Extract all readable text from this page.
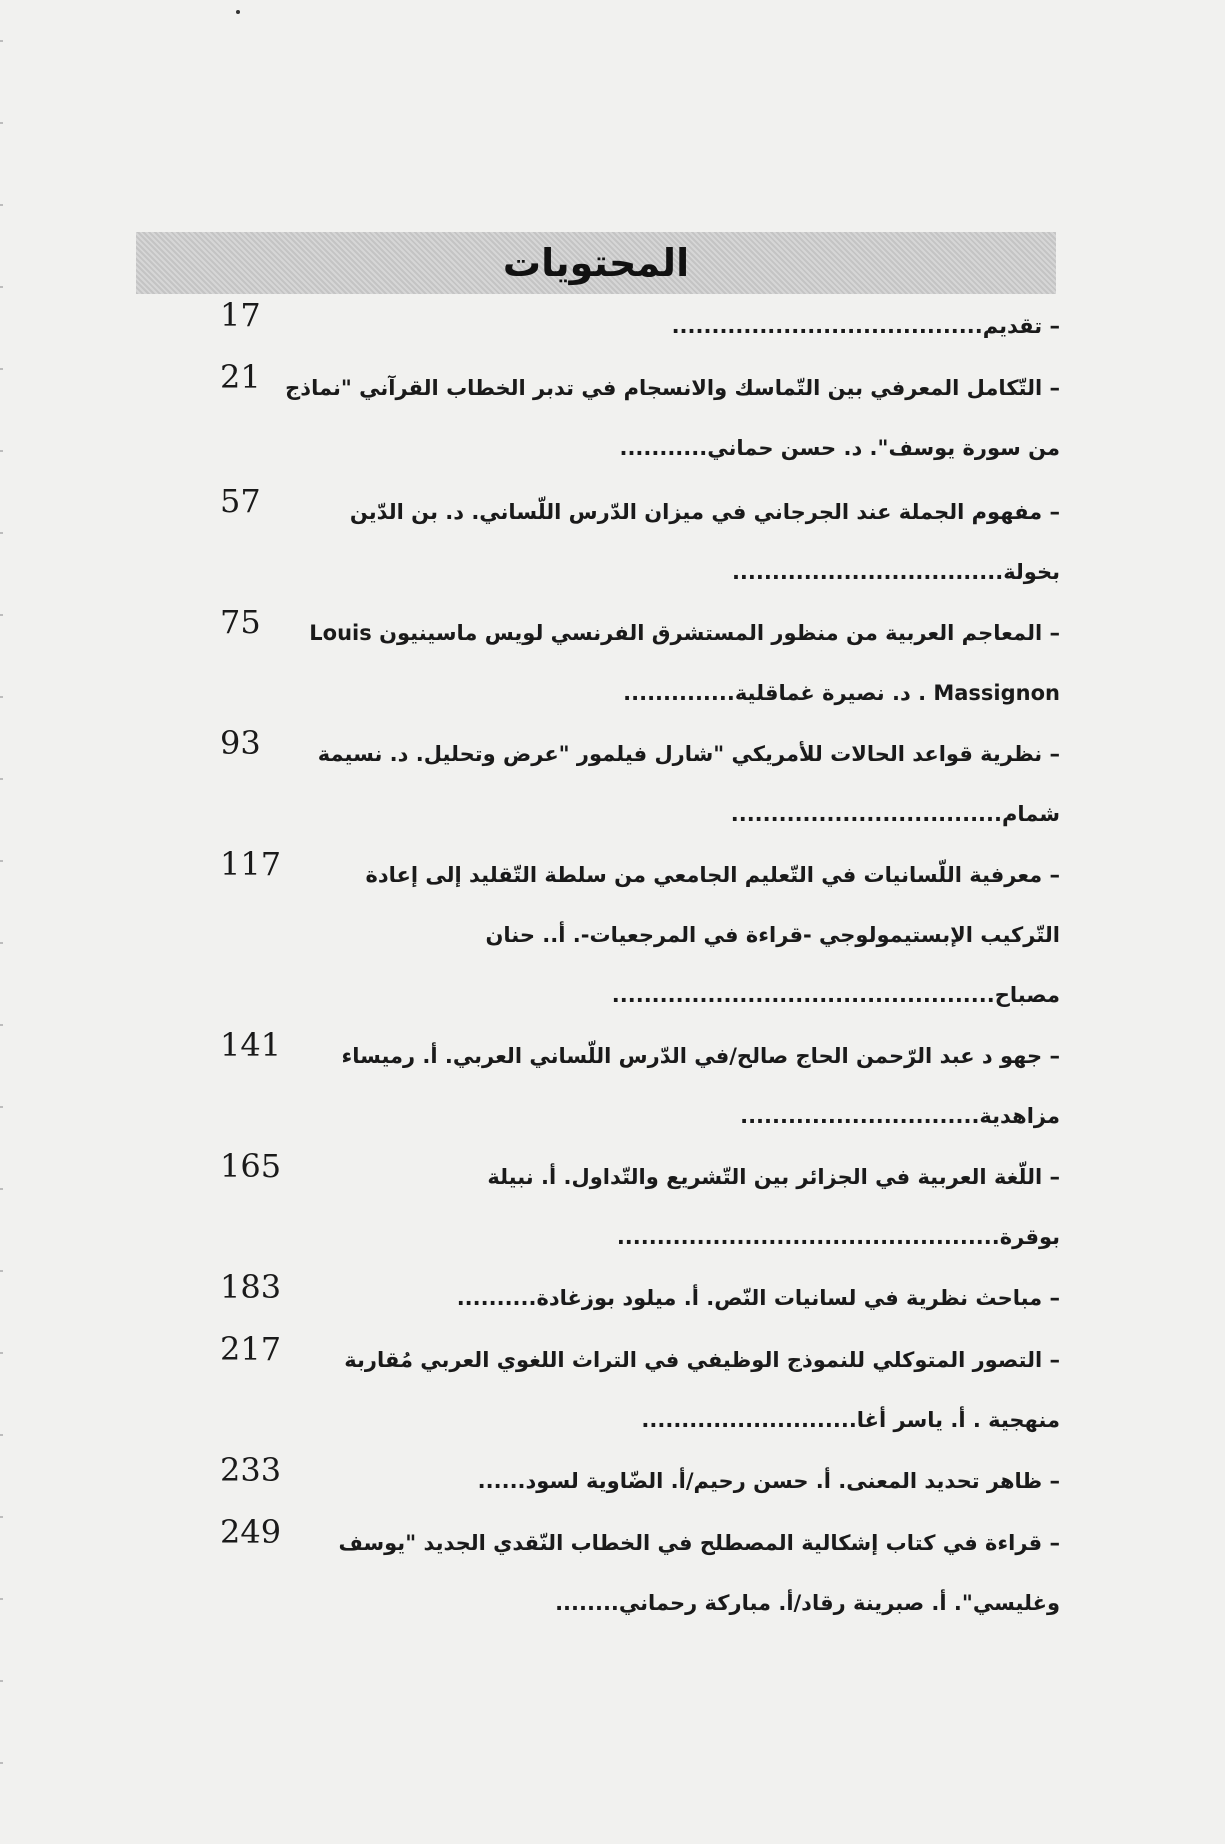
المحتويات
17	– تقديم.......................................
21 – التّكامل المعرفي بين التّماسك والانسجام في تدبر الخطاب القرآني "نماذج من سورة يوسف". د. حسن حماني...........
57	– مفهوم الجملة عند الجرجاني في ميزان الدّرس اللّساني. د. بن الدّين بخولة..................................
75	– المعاجم العربية من منظور المستشرق الفرنسي لويس ماسينيون Louis Massignon . د. نصيرة غماقلية..............
93	– نظرية قواعد الحالات للأمريكي "شارل فيلمور "عرض وتحليل. د. نسيمة شمام..................................
117	– معرفية اللّسانيات في التّعليم الجامعي من سلطة التّقليد إلى إعادة التّركيب الإبستيمولوجي -قراءة في المرجعيات-. أ.. حنان مصباح................................................
141	– جهو د عبد الرّحمن الحاج صالح/في الدّرس اللّساني العربي. أ. رميساء مزاهدية..............................
165	– اللّغة العربية في الجزائر بين التّشريع والتّداول. أ. نبيلة بوقرة................................................
183	– مباحث نظرية في لسانيات النّص. أ. ميلود بوزغادة..........
217	– التصور المتوكلي للنموذج الوظيفي في التراث اللغوي العربي مُقاربة منهجية . أ. ياسر أغا...........................
233	– ظاهر تحديد المعنى. أ. حسن رحيم/أ. الضّاوية لسود......
249	– قراءة في كتاب إشكالية المصطلح في الخطاب النّقدي الجديد "يوسف وغليسي". أ. صبرينة رقاد/أ. مباركة رحماني........
